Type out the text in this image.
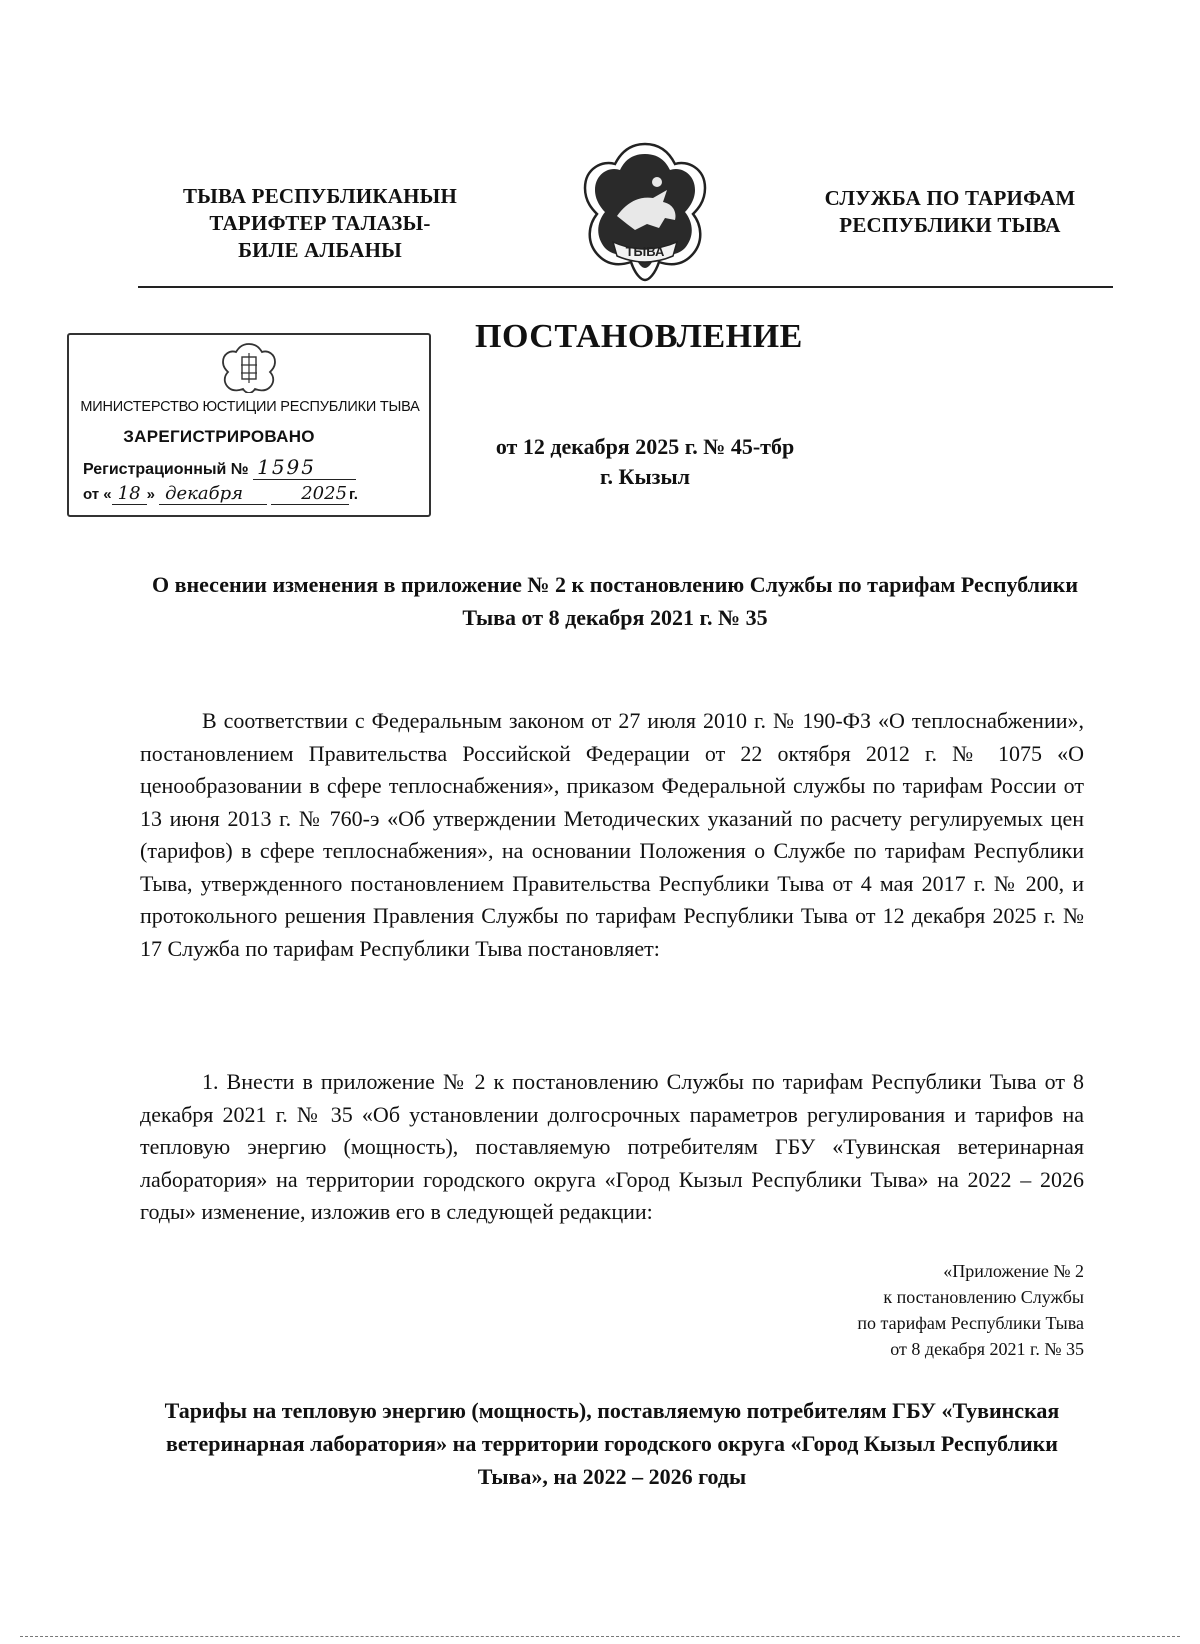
ТЫВА РЕСПУБЛИКАНЫН
ТАРИФТЕР ТАЛАЗЫ-
БИЛЕ АЛБАНЫ	ТЫВА
СЛУЖБА ПО ТАРИФАМ
РЕСПУБЛИКИ ТЫВА
МИНИСТЕРСТВО ЮСТИЦИИ РЕСПУБЛИКИ ТЫВА
ЗАРЕГИСТРИРОВАНО
Регистрационный № 1595
от « 18 » декабря	2025 г.
ПОСТАНОВЛЕНИЕ
от 12 декабря 2025 г. № 45-тбр
г. Кызыл
О внесении изменения в приложение № 2 к постановлению Службы по тарифам Республики Тыва от 8 декабря 2021 г. № 35
В соответствии с Федеральным законом от 27 июля 2010 г. № 190-ФЗ «О теплоснабжении», постановлением Правительства Российской Федерации от 22 октября 2012 г. № 1075 «О ценообразовании в сфере теплоснабжения», приказом Федеральной службы по тарифам России от 13 июня 2013 г. № 760-э «Об утверждении Методических указаний по расчету регулируемых цен (тарифов) в сфере теплоснабжения», на основании Положения о Службе по тарифам Республики Тыва, утвержденного постановлением Правительства Республики Тыва от 4 мая 2017 г. № 200, и протокольного решения Правления Службы по тарифам Республики Тыва от 12 декабря 2025 г. № 17 Служба по тарифам Республики Тыва постановляет:
1. Внести в приложение № 2 к постановлению Службы по тарифам Республики Тыва от 8 декабря 2021 г. № 35 «Об установлении долгосрочных параметров регулирования и тарифов на тепловую энергию (мощность), поставляемую потребителям ГБУ «Тувинская ветеринарная лаборатория» на территории городского округа «Город Кызыл Республики Тыва» на 2022 – 2026 годы» изменение, изложив его в следующей редакции:
«Приложение № 2
к постановлению Службы
по тарифам Республики Тыва
от 8 декабря 2021 г. № 35
Тарифы на тепловую энергию (мощность), поставляемую потребителям ГБУ «Тувинская ветеринарная лаборатория» на территории городского округа «Город Кызыл Республики Тыва», на 2022 – 2026 годы
